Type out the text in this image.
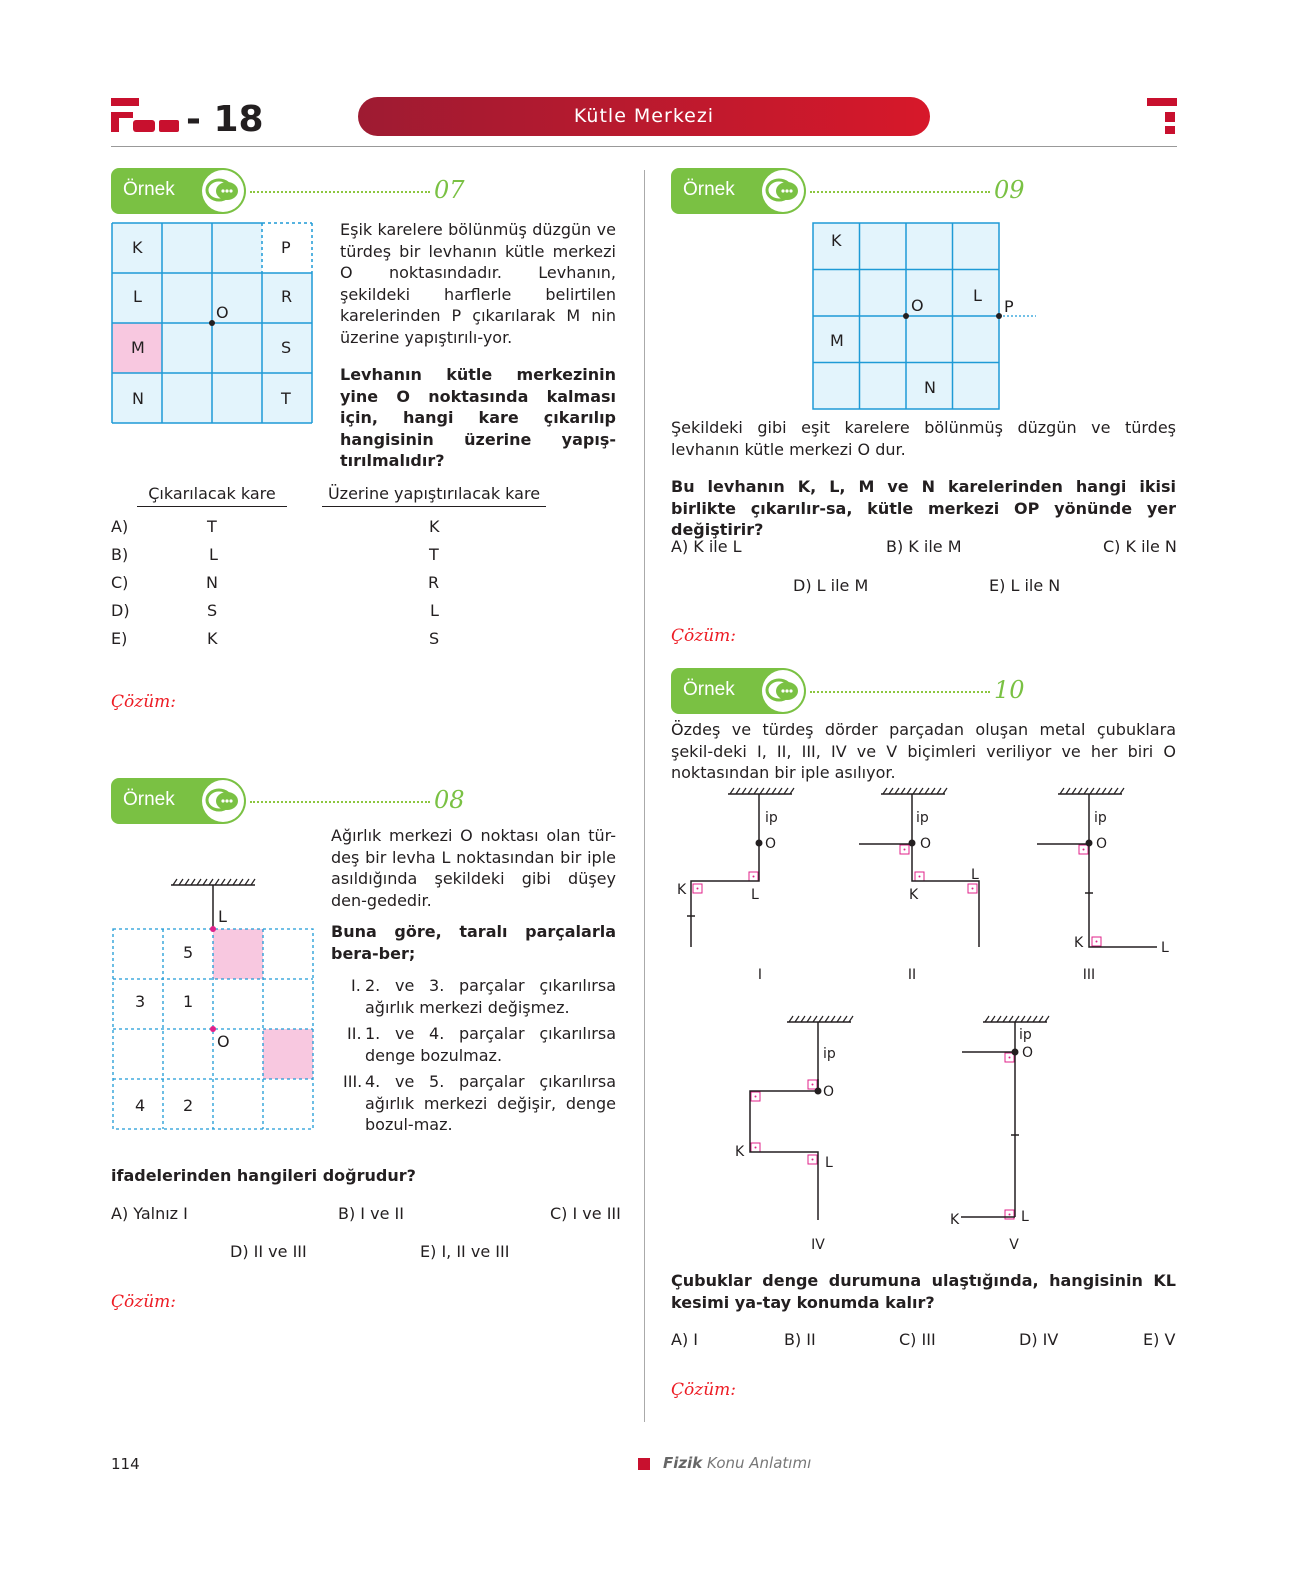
- 18	Kütle Merkezi
Örnek	07
K	P
L	R
O
M	S
N	T
Eşik karelere bölünmüş düzgün ve türdeş bir levhanın kütle merkezi O noktasındadır. Levhanın, şekildeki harflerle belirtilen karelerinden P çıkarılarak M nin üzerine yapıştırılı-yor.
Levhanın kütle merkezinin yine O noktasında kalması için, hangi kare çıkarılıp hangisinin üzerine yapış-tırılmalıdır?
Çıkarılacak kare	Üzerine yapıştırılacak kare
A)	T	K
B)	L	T
C)	N	R
D)	S	L
E)	K	S
Çözüm:
Örnek	08
L
5
3 1
O
4 2
Ağırlık merkezi O noktası olan tür-deş bir levha L noktasından bir iple asıldığında şekildeki gibi düşey den-gededir.
Buna göre, taralı parçalarla bera-ber;
I. 2. ve 3. parçalar çıkarılırsa ağırlık merkezi değişmez.
II. 1. ve 4. parçalar çıkarılırsa denge bozulmaz.
III. 4. ve 5. parçalar çıkarılırsa ağırlık merkezi değişir, denge bozul-maz.
ifadelerinden hangileri doğrudur?
A) Yalnız I	B) I ve II	C) I ve III
D) II ve III	E) I, II ve III
Çözüm:
Örnek	09
K
O
L
P
M
N
Şekildeki gibi eşit karelere bölünmüş düzgün ve türdeş levhanın kütle merkezi O dur.
Bu levhanın K, L, M ve N karelerinden hangi ikisi birlikte çıkarılır-sa, kütle merkezi OP yönünde yer değiştirir?
A) K ile L	B) K ile M	C) K ile N
D) L ile M	E) L ile N
Çözüm:
Örnek	10
Özdeş ve türdeş dörder parçadan oluşan metal çubuklara şekil-deki I, II, III, IV ve V biçimleri veriliyor ve her biri O noktasından bir iple asılıyor.
ip
O
K	L
ip
O
K
L
ip
O
K	L
ip
O
K
L
ip
O
K	L
I	II	III
IV	V
Çubuklar denge durumuna ulaştığında, hangisinin KL kesimi ya-tay konumda kalır?
A) I	B) II	C) III	D) IV	E) V
Çözüm:
114	Fizik Konu Anlatımı
